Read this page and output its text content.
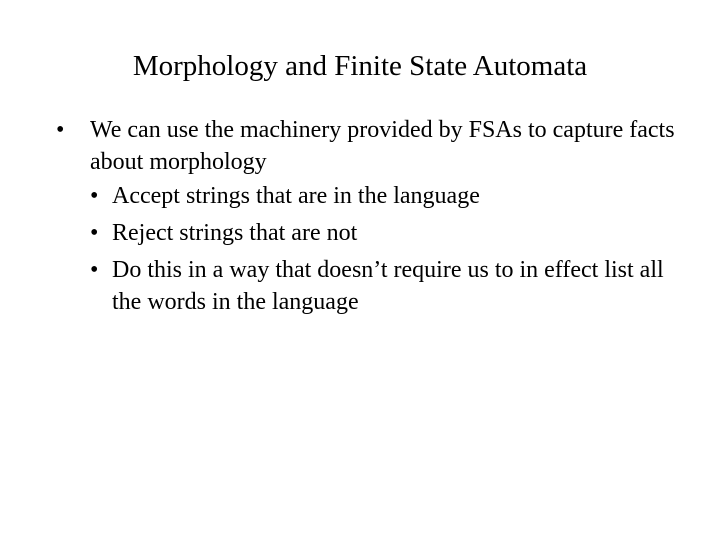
Morphology and Finite State Automata
• We can use the machinery provided by FSAs to capture facts about morphology
• Accept strings that are in the language
• Reject strings that are not
• Do this in a way that doesn’t require us to in effect list all the words in the language
